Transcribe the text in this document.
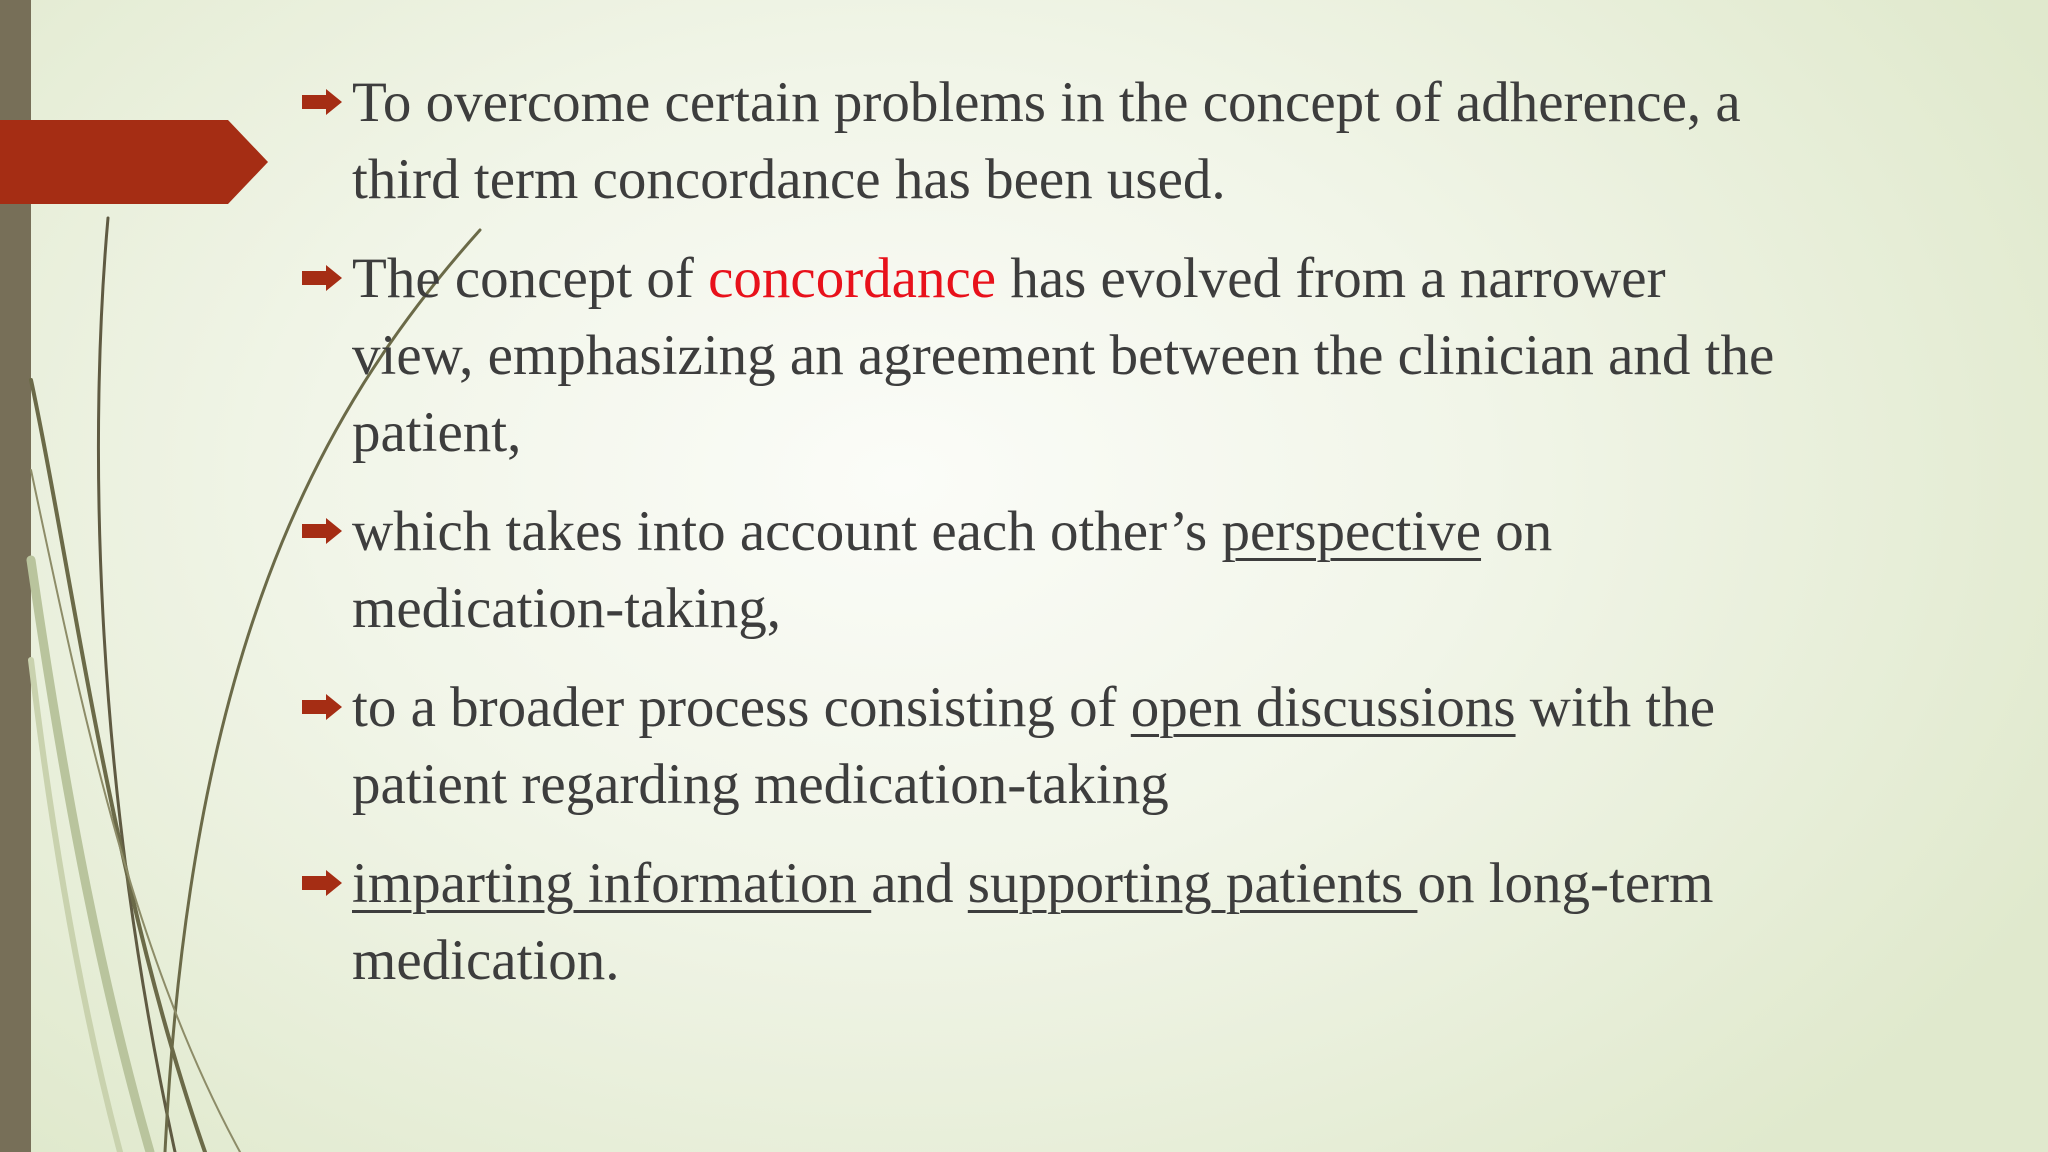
To overcome certain problems in the concept of adherence, a third term concordance has been used.
The concept of concordance has evolved from a narrower view, emphasizing an agreement between the clinician and the patient,
which takes into account each other’s perspective on medication-taking,
to a broader process consisting of open discussions with the patient regarding medication-taking
imparting information and supporting patients on long-term medication.
